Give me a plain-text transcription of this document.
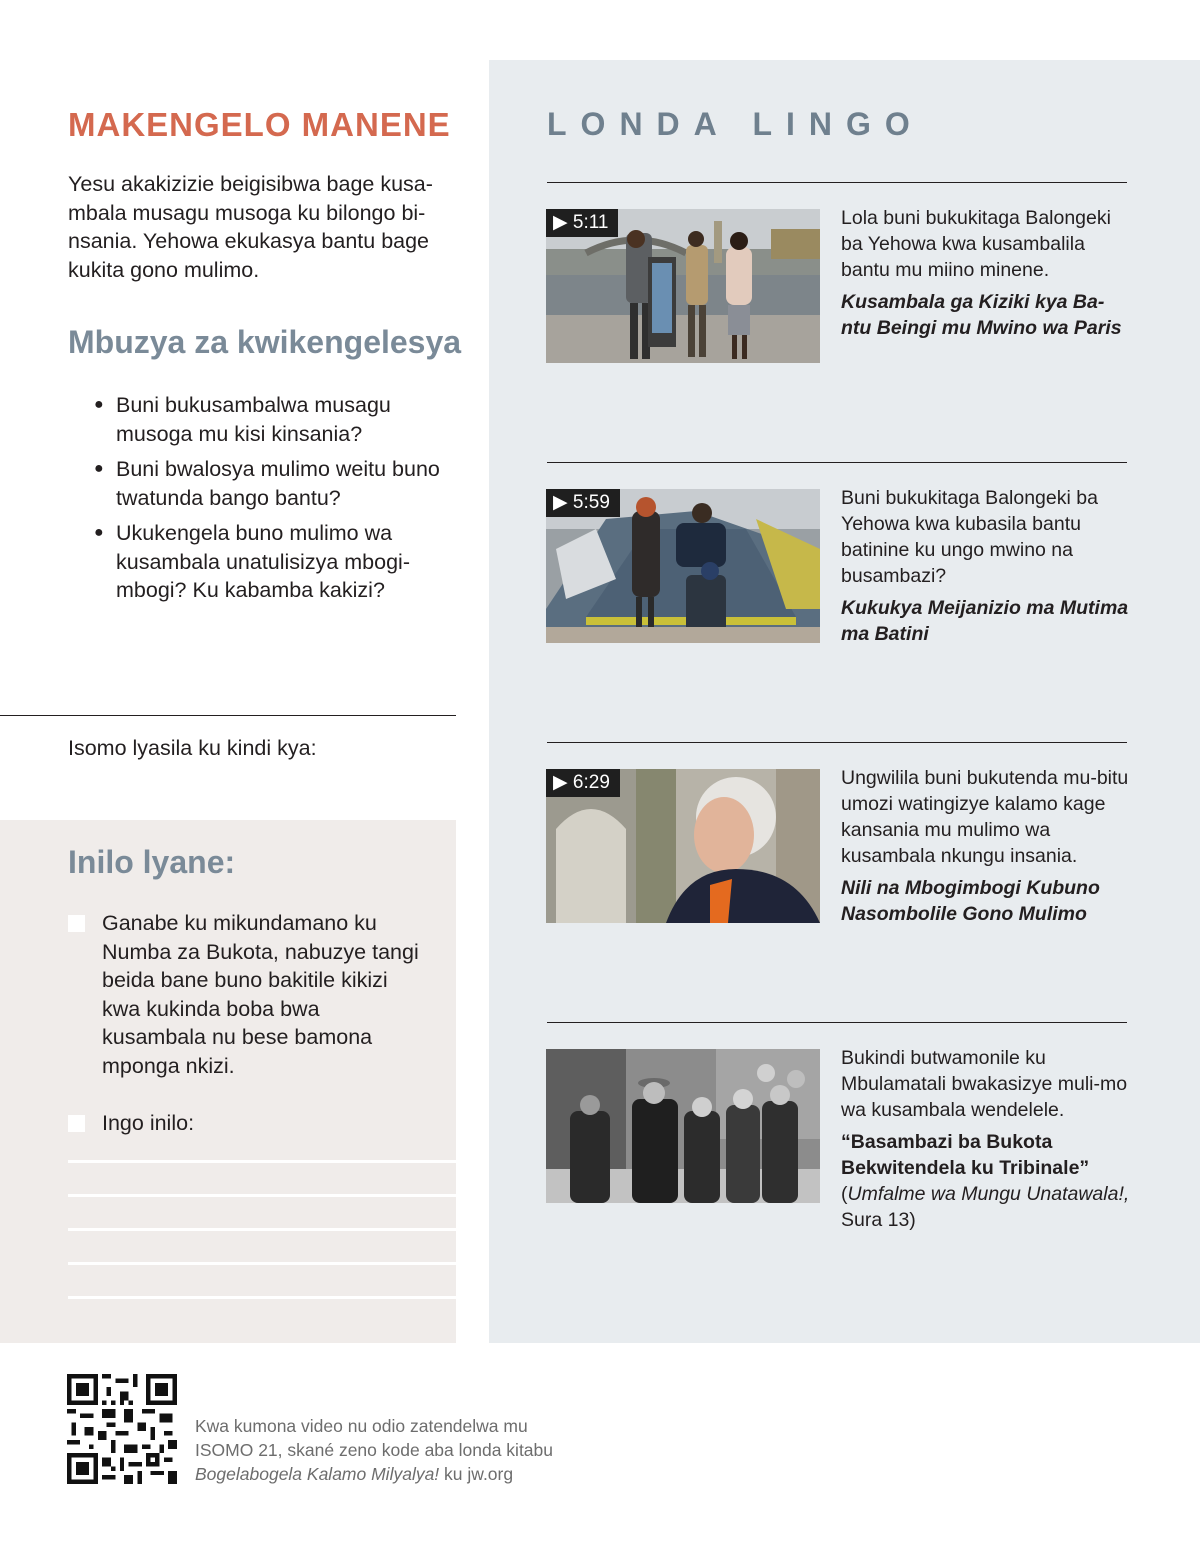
MAKENGELO MANENE

Yesu akakizizie beigisibwa bage kusa-mbala musagu musoga ku bilongo bi-nsania. Yehowa ekukasya bantu bage kukita gono mulimo.

Mbuzya za kwikengelesya
● Buni bukusambalwa musagu musoga mu kisi kinsania?
● Buni bwalosya mulimo weitu buno twatunda bango bantu?
● Ukukengela buno mulimo wa kusambala unatulisizya mbogi-mbogi? Ku kabamba kakizi?

Isomo lyasila ku kindi kya:

Inilo lyane:
Ganabe ku mikundamano ku Numba za Bukota, nabuzye tangi beida bane buno bakitile kikizi kwa kukinda boba bwa kusambala nu bese bamona mponga nkizi.
Ingo inilo:
LONDA LINGO
▶ 5:11	Lola buni bukukitaga Balongeki ba Yehowa kwa kusambalila bantu mu miino minene.

Kusambala ga Kiziki kya Ba-ntu Beingi mu Mwino wa Paris

▶ 5:59	Buni bukukitaga Balongeki ba Yehowa kwa kubasila bantu batinine ku ungo mwino na busambazi?

Kukukya Meijanizio ma Mutima ma Batini

▶ 6:29	Ungwilila buni bukutenda mu-bitu umozi watingizye kalamo kage kansania mu mulimo wa kusambala nkungu insania.

Nili na Mbogimbogi Kubuno Nasombolile Gono Mulimo

Bukindi butwamonile ku Mbulamatali bwakasizye muli-mo wa kusambala wendelele.

“Basambazi ba Bukota Bekwitendela ku Tribinale”

(Umfalme wa Mungu Unatawala!,
Sura 13)

Kwa kumona video nu odio zatendelwa mu
ISOMO 21, skané zeno kode aba londa kitabu
Bogelabogela Kalamo Milyalya! ku jw.org
